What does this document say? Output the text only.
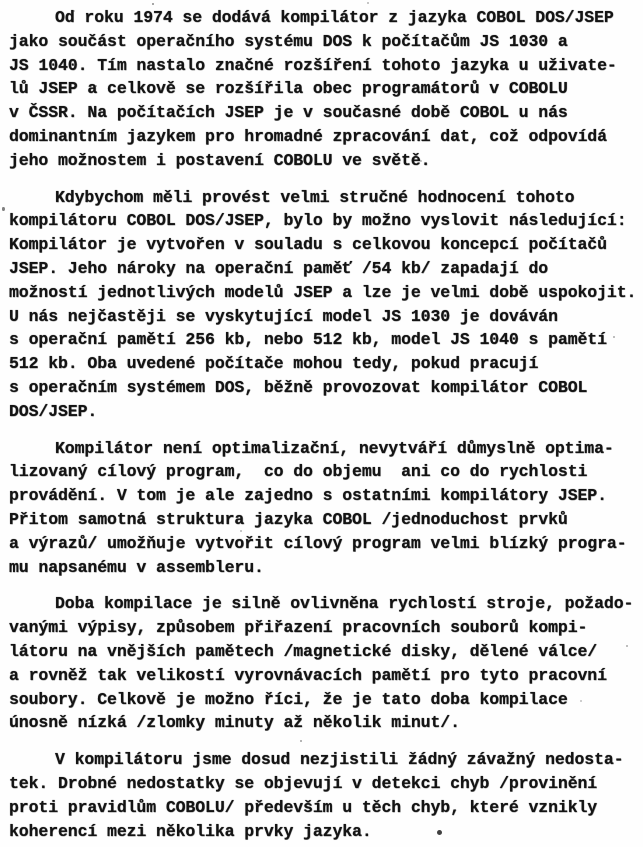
Od roku 1974 se dodává kompilátor z jazyka COBOL DOS/JSEP
jako součást operačního systému DOS k počítačům JS 1030 a
JS 1040. Tím nastalo značné rozšíření tohoto jazyka u uživate-
lů JSEP a celkově se rozšířila obec programátorů v COBOLU
v ČSSR. Na počítačích JSEP je v současné době COBOL u nás
dominantním jazykem pro hromadné zpracování dat, což odpovídá
jeho možnostem i postavení COBOLU ve světě.
Kdybychom měli provést velmi stručné hodnocení tohoto
kompilátoru COBOL DOS/JSEP, bylo by možno vyslovit následující:
Kompilátor je vytvořen v souladu s celkovou koncepcí počítačů
JSEP. Jeho nároky na operační paměť /54 kb/ zapadají do
možností jednotlivých modelů JSEP a lze je velmi době uspokojit.
U nás nejčastěji se vyskytující model JS 1030 je dováván
s operační pamětí 256 kb, nebo 512 kb, model JS 1040 s pamětí
512 kb. Oba uvedené počítače mohou tedy, pokud pracují
s operačním systémem DOS, běžně provozovat kompilátor COBOL
DOS/JSEP.
Kompilátor není optimalizační, nevytváří důmyslně optima-
lizovaný cílový program,  co do objemu  ani co do rychlosti
provádění. V tom je ale zajedno s ostatními kompilátory JSEP.
Přitom samotná struktura jazyka COBOL /jednoduchost prvků
a výrazů/ umožňuje vytvořit cílový program velmi blízký progra-
mu napsanému v assembleru.
Doba kompilace je silně ovlivněna rychlostí stroje, požado-
vanými výpisy, způsobem přiřazení pracovních souborů kompi-
látoru na vnějších pamětech /magnetické disky, dělené válce/
a rovněž tak velikostí vyrovnávacích pamětí pro tyto pracovní
soubory. Celkově je možno říci, že je tato doba kompilace
únosně nízká /zlomky minuty až několik minut/.
V kompilátoru jsme dosud nezjistili žádný závažný nedosta-
tek. Drobné nedostatky se objevují v detekci chyb /provinění
proti pravidlům COBOLU/ především u těch chyb, které vznikly
koherencí mezi několika prvky jazyka.
